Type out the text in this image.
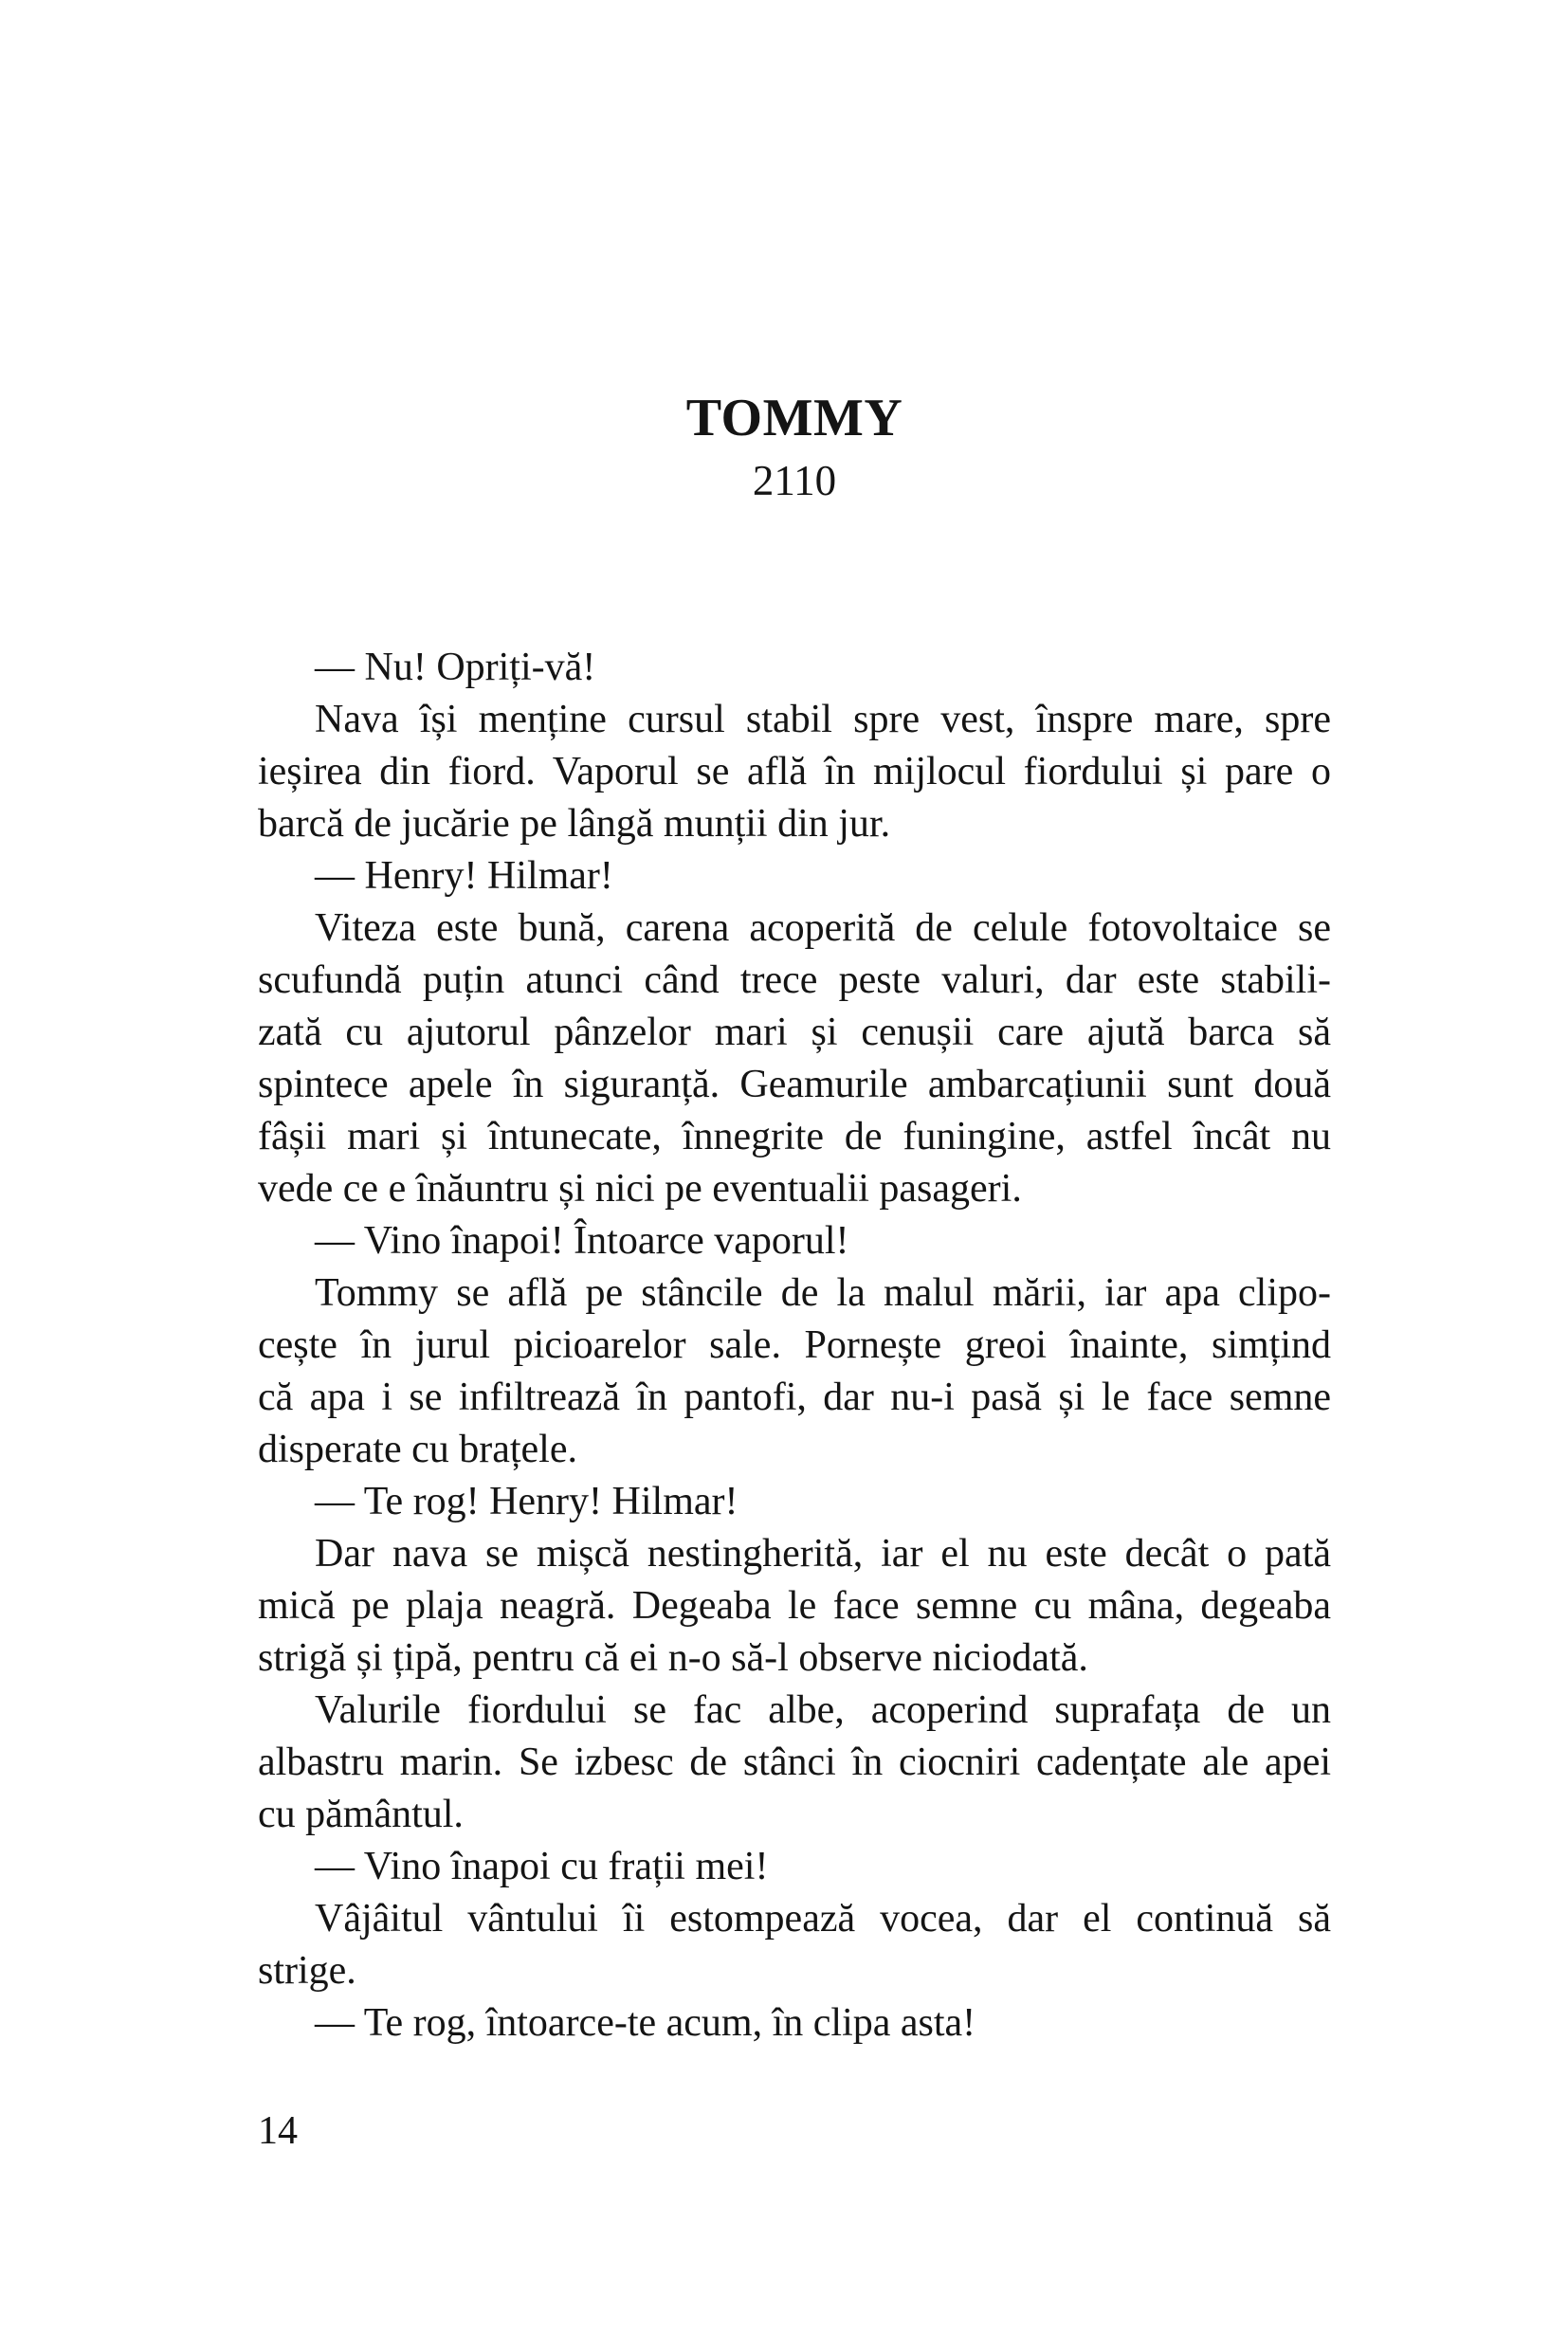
TOMMY
2110
— Nu! Opriți-vă!
Nava își menține cursul stabil spre vest, înspre mare, spre
ieșirea din fiord. Vaporul se află în mijlocul fiordului și pare o
barcă de jucărie pe lângă munții din jur.
— Henry! Hilmar!
Viteza este bună, carena acoperită de celule fotovoltaice se
scufundă puțin atunci când trece peste valuri, dar este stabili-
zată cu ajutorul pânzelor mari și cenușii care ajută barca să
spintece apele în siguranță. Geamurile ambarcațiunii sunt două
fâșii mari și întunecate, înnegrite de funingine, astfel încât nu
vede ce e înăuntru și nici pe eventualii pasageri.
— Vino înapoi! Întoarce vaporul!
Tommy se află pe stâncile de la malul mării, iar apa clipo-
cește în jurul picioarelor sale. Pornește greoi înainte, simțind
că apa i se infiltrează în pantofi, dar nu-i pasă și le face semne
disperate cu brațele.
— Te rog! Henry! Hilmar!
Dar nava se mișcă nestingherită, iar el nu este decât o pată
mică pe plaja neagră. Degeaba le face semne cu mâna, degeaba
strigă și țipă, pentru că ei n-o să-l observe niciodată.
Valurile fiordului se fac albe, acoperind suprafața de un
albastru marin. Se izbesc de stânci în ciocniri cadențate ale apei
cu pământul.
— Vino înapoi cu frații mei!
Vâjâitul vântului îi estompează vocea, dar el continuă să
strige.
— Te rog, întoarce-te acum, în clipa asta!
14
